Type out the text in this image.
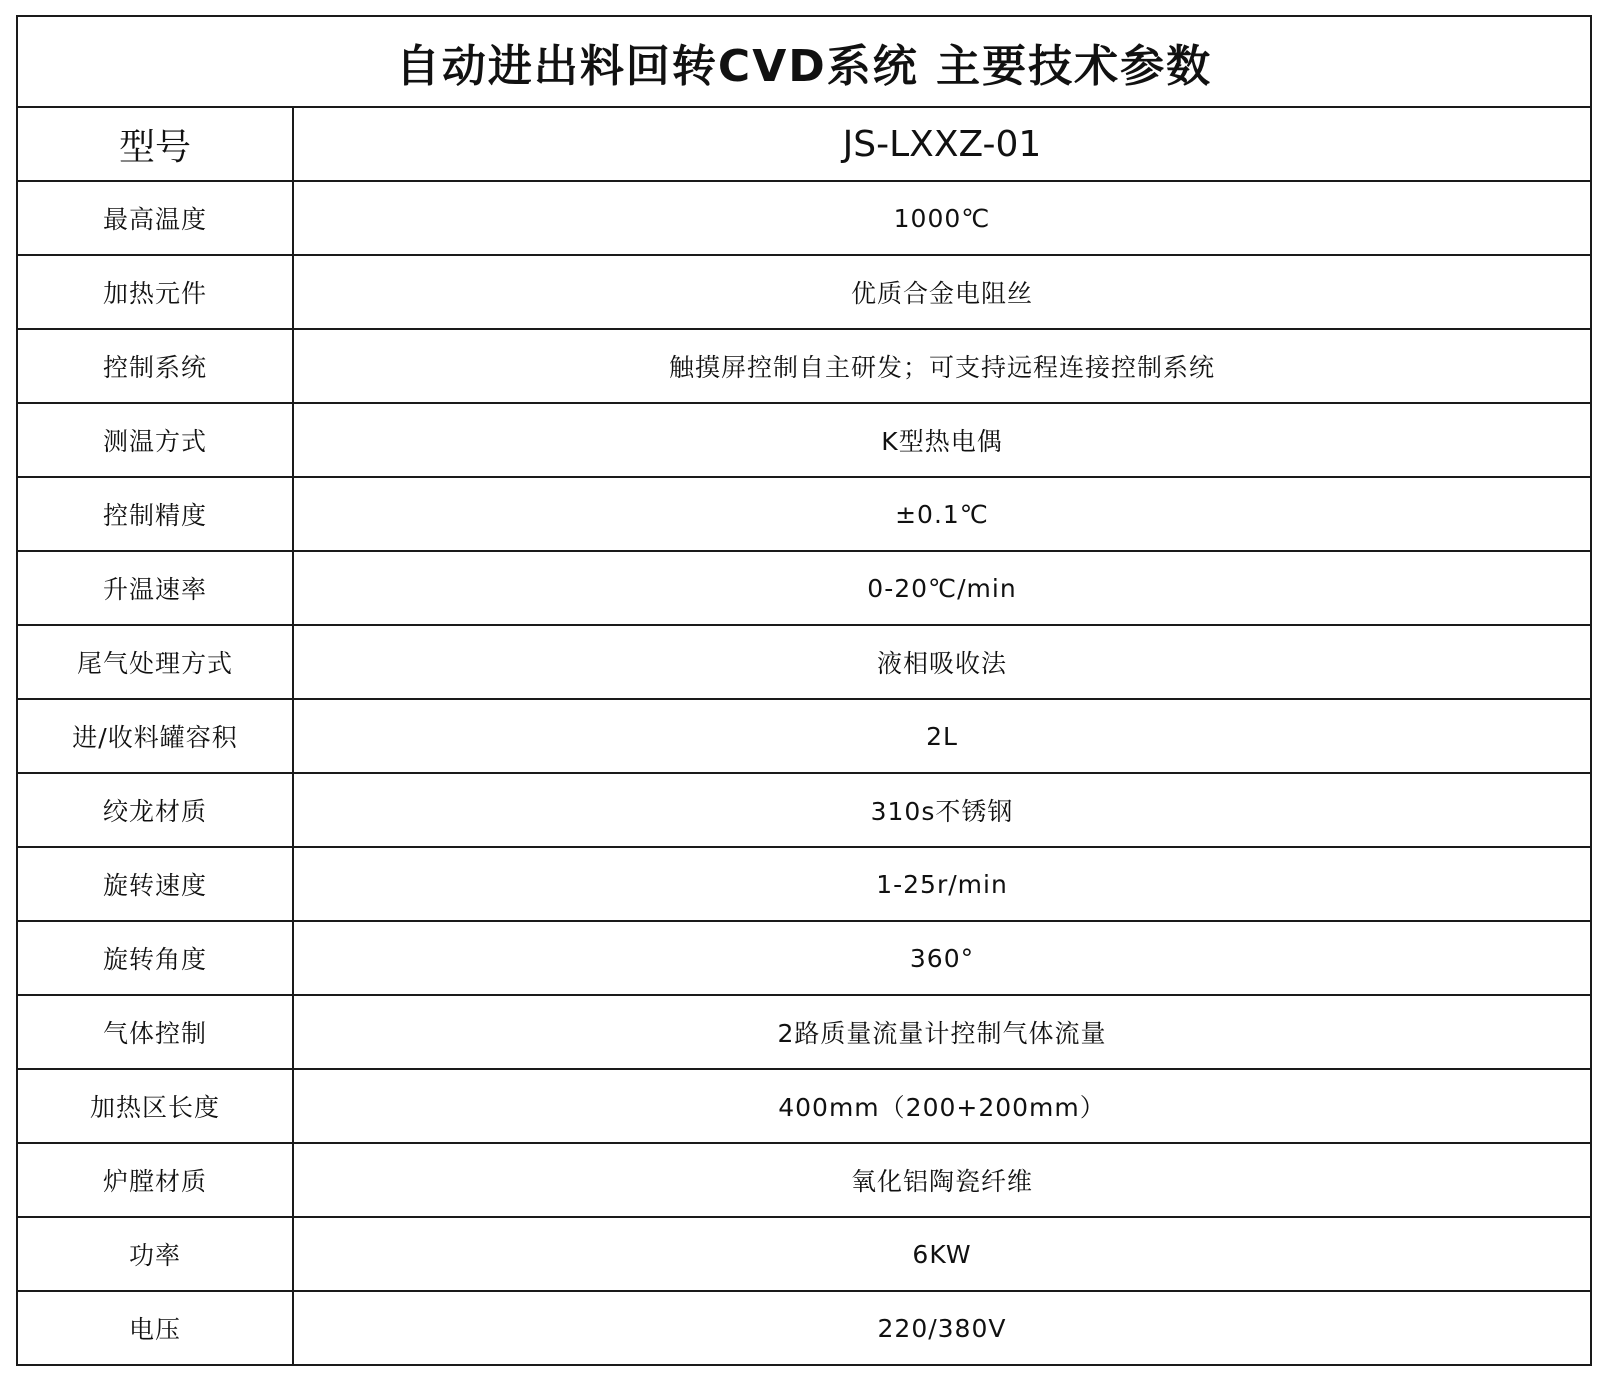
自动进出料回转CVD系统 主要技术参数	
型号	JS-LXXZ-01
最高温度	1000℃
加热元件	优质合金电阻丝
控制系统	触摸屏控制自主研发；可支持远程连接控制系统
测温方式	K型热电偶
控制精度	±0.1℃
升温速率	0-20℃/min
尾气处理方式	液相吸收法
进/收料罐容积	2L
绞龙材质	310s不锈钢
旋转速度	1-25r/min
旋转角度	360°
气体控制	2路质量流量计控制气体流量
加热区长度	400mm（200+200mm）
炉膛材质	氧化铝陶瓷纤维
功率	6KW
电压	220/380V
